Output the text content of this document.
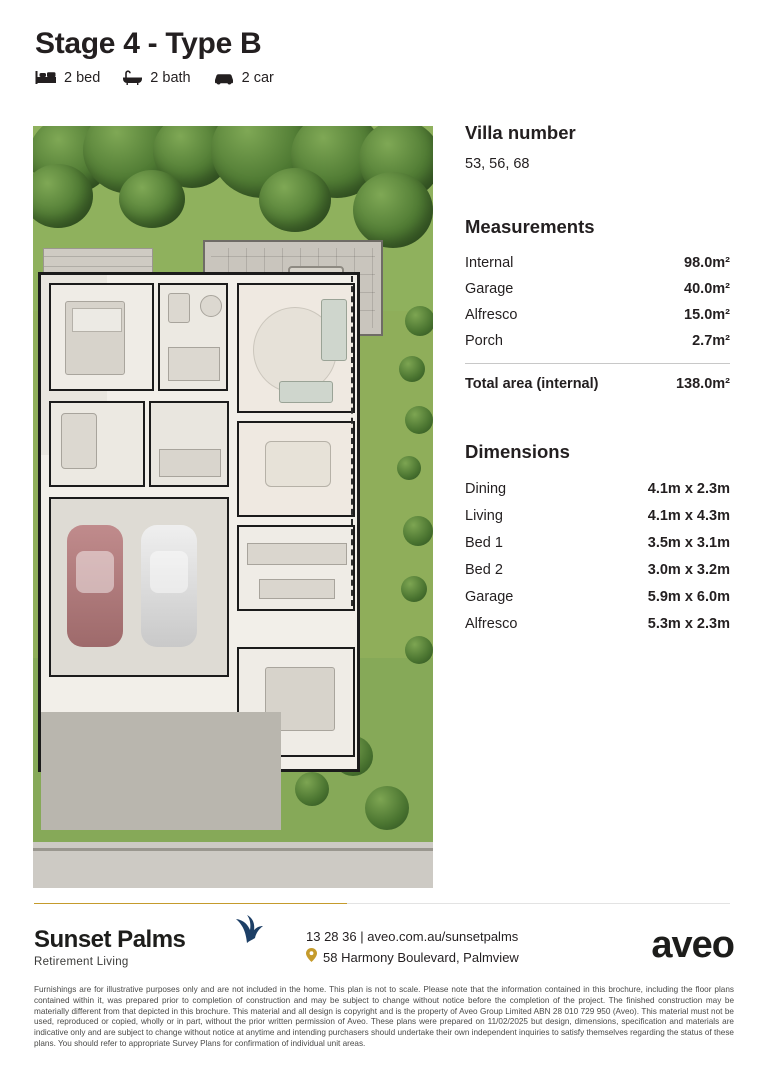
Stage 4 - Type B
2 bed	2 bath	2 car
Villa number

53, 56, 68

Measurements
Internal	98.0m²
Garage	40.0m²
Alfresco	15.0m²
Porch	2.7m²
Total area (internal)	138.0m²
Dimensions
Dining	4.1m x 2.3m
Living	4.1m x 4.3m
Bed 1	3.5m x 3.1m
Bed 2	3.0m x 3.2m
Garage	5.9m x 6.0m
Alfresco	5.3m x 2.3m
Sunset Palms
Retirement Living
13 28 36 | aveo.com.au/sunsetpalms
58 Harmony Boulevard, Palmview	aveo
Furnishings are for illustrative purposes only and are not included in the home. This plan is not to scale. Please note that the information contained in this brochure, including the floor plans contained within it, was prepared prior to completion of construction and may be subject to change without notice before the completion of the project. The finished construction may be materially different from that depicted in this brochure. This material and all design is copyright and is the property of Aveo Group Limited ABN 28 010 729 950 (Aveo). This material must not be used, reproduced or copied, wholly or in part, without the prior written permission of Aveo. These plans were prepared on 11/02/2025 but design, dimensions, specification and materials are indicative only and are subject to change without notice at anytime and intending purchasers should undertake their own independent inquiries to satisfy themselves regarding the status of these plans. You should refer to appropriate Survey Plans for confirmation of individual unit areas.
